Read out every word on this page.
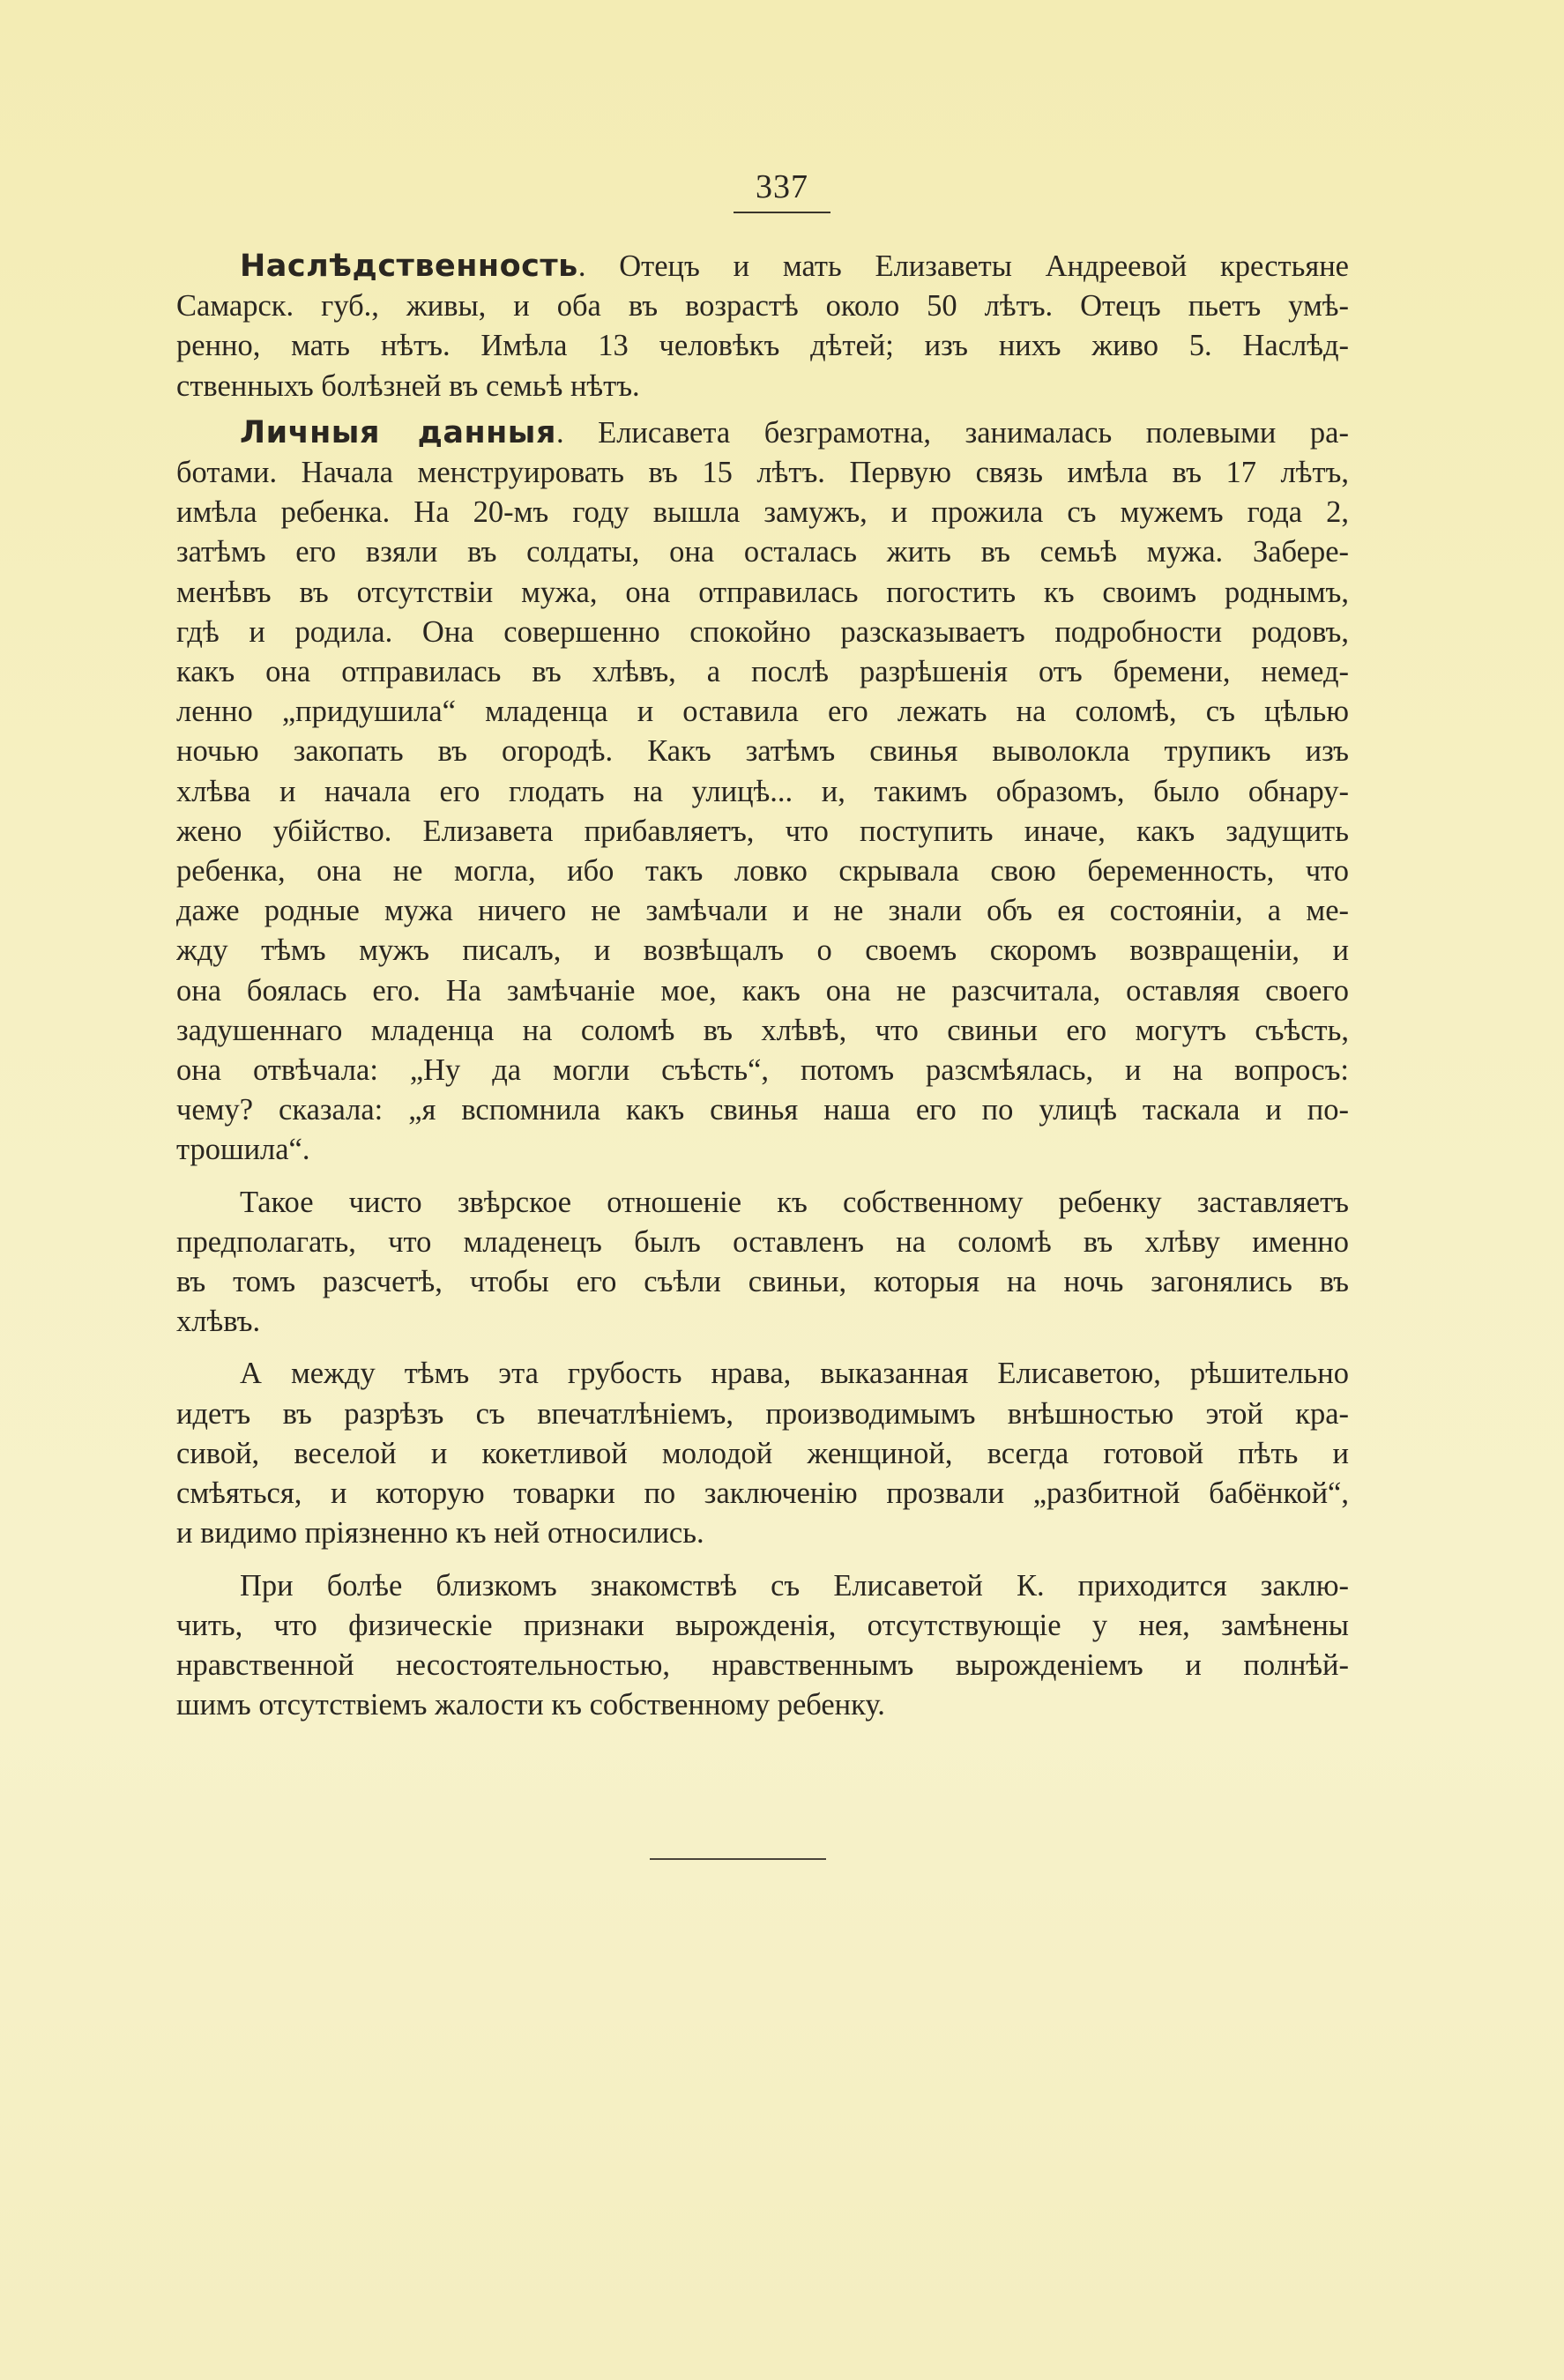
337
Наслѣдственность. Отецъ и мать Елизаветы Андреевой крестьяне
Самарск. губ., живы, и оба въ возрастѣ около 50 лѣтъ. Отецъ пьетъ умѣ-
ренно, мать нѣтъ. Имѣла 13 человѣкъ дѣтей; изъ нихъ живо 5. Наслѣд-
ственныхъ болѣзней въ семьѣ нѣтъ.
Личныя данныя. Елисавета безграмотна, занималась полевыми ра-
ботами. Начала менструировать въ 15 лѣтъ. Первую связь имѣла въ 17 лѣтъ,
имѣла ребенка. На 20-мъ году вышла замужъ, и прожила съ мужемъ года 2,
затѣмъ его взяли въ солдаты, она осталась жить въ семьѣ мужа. Забере-
менѣвъ въ отсутствіи мужа, она отправилась погостить къ своимъ роднымъ,
гдѣ и родила. Она совершенно спокойно разсказываетъ подробности родовъ,
какъ она отправилась въ хлѣвъ, а послѣ разрѣшенія отъ бремени, немед-
ленно „придушила“ младенца и оставила его лежать на соломѣ, съ цѣлью
ночью закопать въ огородѣ. Какъ затѣмъ свинья выволокла трупикъ изъ
хлѣва и начала его глодать на улицѣ... и, такимъ образомъ, было обнару-
жено убійство. Елизавета прибавляетъ, что поступить иначе, какъ задущить
ребенка, она не могла, ибо такъ ловко скрывала свою беременность, что
даже родные мужа ничего не замѣчали и не знали объ ея состояніи, а ме-
жду тѣмъ мужъ писалъ, и возвѣщалъ о своемъ скоромъ возвращеніи, и
она боялась его. На замѣчаніе мое, какъ она не разсчитала, оставляя своего
задушеннаго младенца на соломѣ въ хлѣвѣ, что свиньи его могутъ съѣсть,
она отвѣчала: „Ну да могли съѣсть“, потомъ разсмѣялась, и на вопросъ:
чему? сказала: „я вспомнила какъ свинья наша его по улицѣ таскала и по-
трошила“.
Такое чисто звѣрское отношеніе къ собственному ребенку заставляетъ
предполагать, что младенецъ былъ оставленъ на соломѣ въ хлѣву именно
въ томъ разсчетѣ, чтобы его съѣли свиньи, которыя на ночь загонялись въ
хлѣвъ.
А между тѣмъ эта грубость нрава, выказанная Елисаветою, рѣшительно
идетъ въ разрѣзъ съ впечатлѣніемъ, производимымъ внѣшностью этой кра-
сивой, веселой и кокетливой молодой женщиной, всегда готовой пѣть и
смѣяться, и которую товарки по заключенію прозвали „разбитной бабёнкой“,
и видимо пріязненно къ ней относились.
При болѣе близкомъ знакомствѣ съ Елисаветой К. приходится заклю-
чить, что физическіе признаки вырожденія, отсутствующіе у нея, замѣнены
нравственной несостоятельностью, нравственнымъ вырожденіемъ и полнѣй-
шимъ отсутствіемъ жалости къ собственному ребенку.
